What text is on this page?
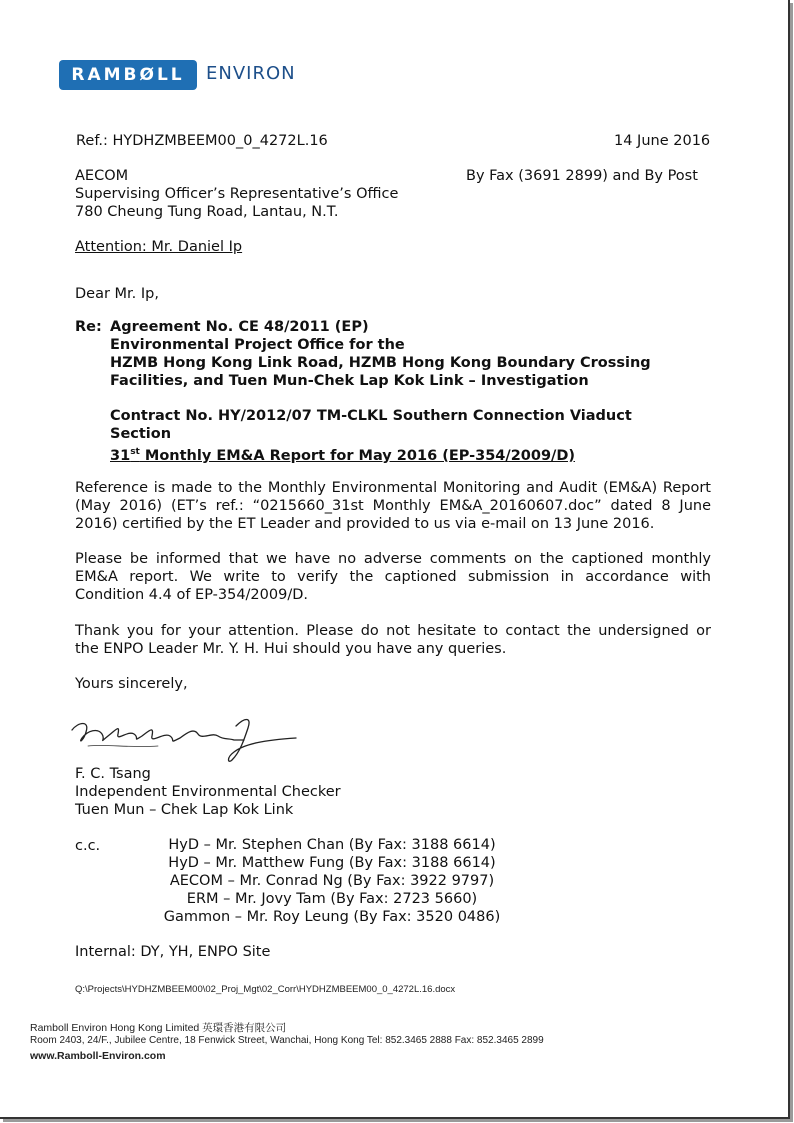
RAMBØLL	ENVIRON
Ref.: HYDHZMBEEM00_0_4272L.16	14 June 2016
AECOM
Supervising Officer’s Representative’s Office
780 Cheung Tung Road, Lantau, N.T.
By Fax (3691 2899) and By Post
Attention: Mr. Daniel Ip
Dear Mr. Ip,
Re: Agreement No. CE 48/2011 (EP)
Environmental Project Office for the
HZMB Hong Kong Link Road, HZMB Hong Kong Boundary Crossing
Facilities, and Tuen Mun-Chek Lap Kok Link – Investigation
Contract No. HY/2012/07 TM-CLKL Southern Connection Viaduct
Section
31st Monthly EM&A Report for May 2016 (EP-354/2009/D)
Reference is made to the Monthly Environmental Monitoring and Audit (EM&A) Report
(May 2016) (ET’s ref.: “0215660_31st Monthly EM&A_20160607.doc” dated 8 June
2016) certified by the ET Leader and provided to us via e-mail on 13 June 2016.
Please be informed that we have no adverse comments on the captioned monthly
EM&A report. We write to verify the captioned submission in accordance with
Condition 4.4 of EP-354/2009/D.
Thank you for your attention. Please do not hesitate to contact the undersigned or
the ENPO Leader Mr. Y. H. Hui should you have any queries.
Yours sincerely,
F. C. Tsang
Independent Environmental Checker
Tuen Mun – Chek Lap Kok Link
c.c.	HyD – Mr. Stephen Chan (By Fax: 3188 6614)
HyD – Mr. Matthew Fung (By Fax: 3188 6614)
AECOM – Mr. Conrad Ng (By Fax: 3922 9797)
ERM – Mr. Jovy Tam (By Fax: 2723 5660)
Gammon – Mr. Roy Leung (By Fax: 3520 0486)
Internal: DY, YH, ENPO Site
Q:\Projects\HYDHZMBEEM00\02_Proj_Mgt\02_Corr\HYDHZMBEEM00_0_4272L.16.docx
Ramboll Environ Hong Kong Limited 英環香港有限公司
Room 2403, 24/F., Jubilee Centre, 18 Fenwick Street, Wanchai, Hong Kong Tel: 852.3465 2888 Fax: 852.3465 2899
www.Ramboll-Environ.com
